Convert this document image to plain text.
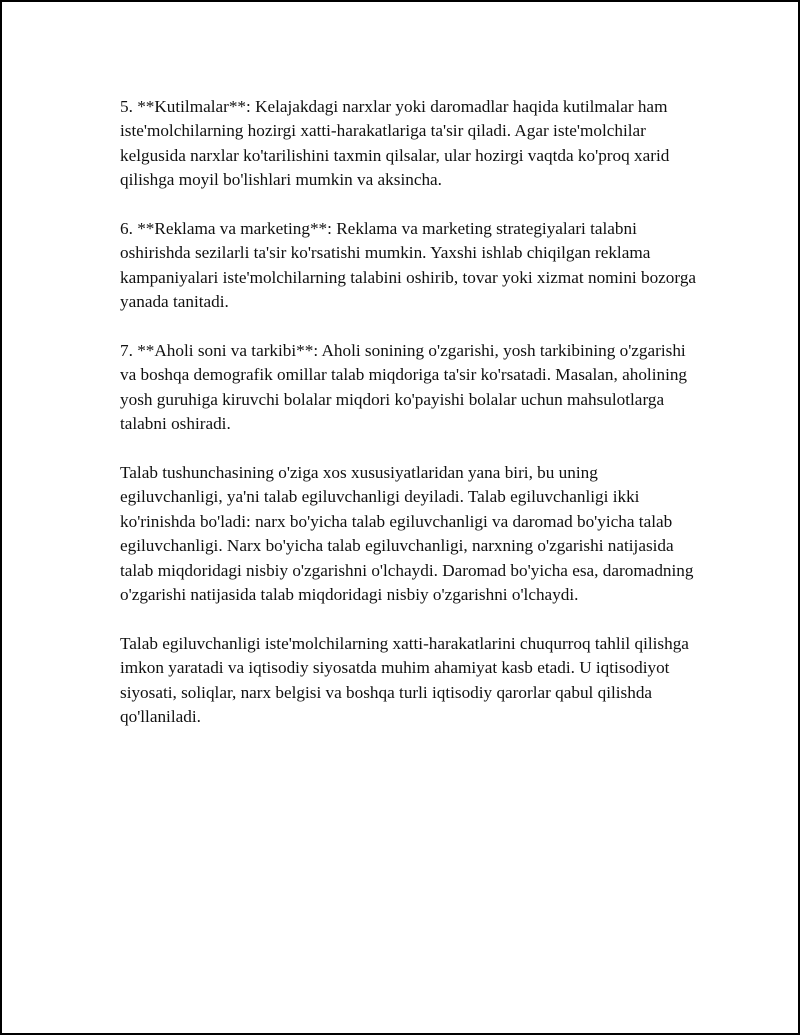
5. **Kutilmalar**: Kelajakdagi narxlar yoki daromadlar haqida kutilmalar ham iste'molchilarning hozirgi xatti-harakatlariga ta'sir qiladi. Agar iste'molchilar kelgusida narxlar ko'tarilishini taxmin qilsalar, ular hozirgi vaqtda ko'proq xarid qilishga moyil bo'lishlari mumkin va aksincha.

6. **Reklama va marketing**: Reklama va marketing strategiyalari talabni oshirishda sezilarli ta'sir ko'rsatishi mumkin. Yaxshi ishlab chiqilgan reklama kampaniyalari iste'molchilarning talabini oshirib, tovar yoki xizmat nomini bozorga yanada tanitadi.

7. **Aholi soni va tarkibi**: Aholi sonining o'zgarishi, yosh tarkibining o'zgarishi va boshqa demografik omillar talab miqdoriga ta'sir ko'rsatadi. Masalan, aholining yosh guruhiga kiruvchi bolalar miqdori ko'payishi bolalar uchun mahsulotlarga talabni oshiradi.

Talab tushunchasining o'ziga xos xususiyatlaridan yana biri, bu uning egiluvchanligi, ya'ni talab egiluvchanligi deyiladi. Talab egiluvchanligi ikki ko'rinishda bo'ladi: narx bo'yicha talab egiluvchanligi va daromad bo'yicha talab egiluvchanligi. Narx bo'yicha talab egiluvchanligi, narxning o'zgarishi natijasida talab miqdoridagi nisbiy o'zgarishni o'lchaydi. Daromad bo'yicha esa, daromadning o'zgarishi natijasida talab miqdoridagi nisbiy o'zgarishni o'lchaydi.

Talab egiluvchanligi iste'molchilarning xatti-harakatlarini chuqurroq tahlil qilishga imkon yaratadi va iqtisodiy siyosatda muhim ahamiyat kasb etadi. U iqtisodiyot siyosati, soliqlar, narx belgisi va boshqa turli iqtisodiy qarorlar qabul qilishda qo'llaniladi.
